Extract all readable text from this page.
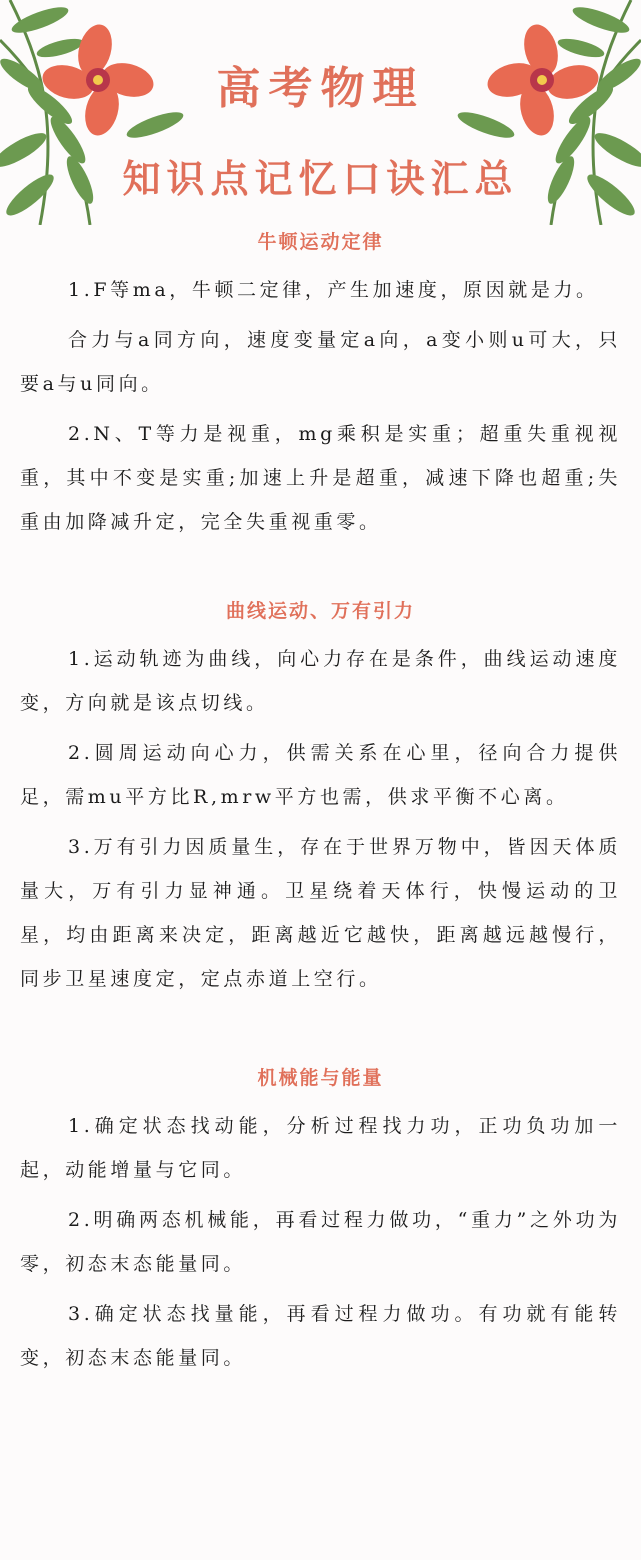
高考物理
知识点记忆口诀汇总
牛顿运动定律

1.F等ma，牛顿二定律，产生加速度，原因就是力。

合力与a同方向，速度变量定a向，a变小则u可大，只要a与u同向。

2.N、T等力是视重，mg乘积是实重；超重失重视视重，其中不变是实重;加速上升是超重，减速下降也超重;失重由加降减升定，完全失重视重零。

曲线运动、万有引力

1.运动轨迹为曲线，向心力存在是条件，曲线运动速度变，方向就是该点切线。

2.圆周运动向心力，供需关系在心里，径向合力提供足，需mu平方比R,mrw平方也需，供求平衡不心离。

3.万有引力因质量生，存在于世界万物中，皆因天体质量大，万有引力显神通。卫星绕着天体行，快慢运动的卫星，均由距离来决定，距离越近它越快，距离越远越慢行，同步卫星速度定，定点赤道上空行。

机械能与能量

1.确定状态找动能，分析过程找力功，正功负功加一起，动能增量与它同。

2.明确两态机械能，再看过程力做功，“重力”之外功为零，初态末态能量同。

3.确定状态找量能，再看过程力做功。有功就有能转变，初态末态能量同。
